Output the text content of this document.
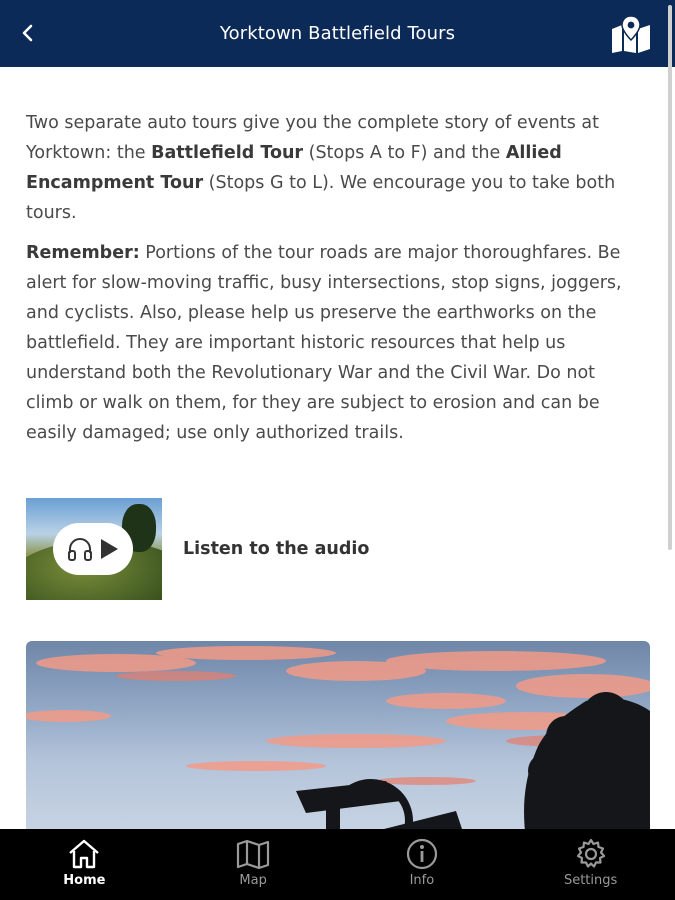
Yorktown Battlefield Tours

Two separate auto tours give you the complete story of events at Yorktown: the Battlefield Tour (Stops A to F) and the Allied Encampment Tour (Stops G to L). We encourage you to take both tours.

Remember: Portions of the tour roads are major thoroughfares. Be alert for slow-moving traffic, busy intersections, stop signs, joggers, and cyclists. Also, please help us preserve the earthworks on the battlefield. They are important historic resources that help us understand both the Revolutionary War and the Civil War. Do not climb or walk on them, for they are subject to erosion and can be easily damaged; use only authorized trails.

Listen to the audio
Home	Map	Info	Settings
